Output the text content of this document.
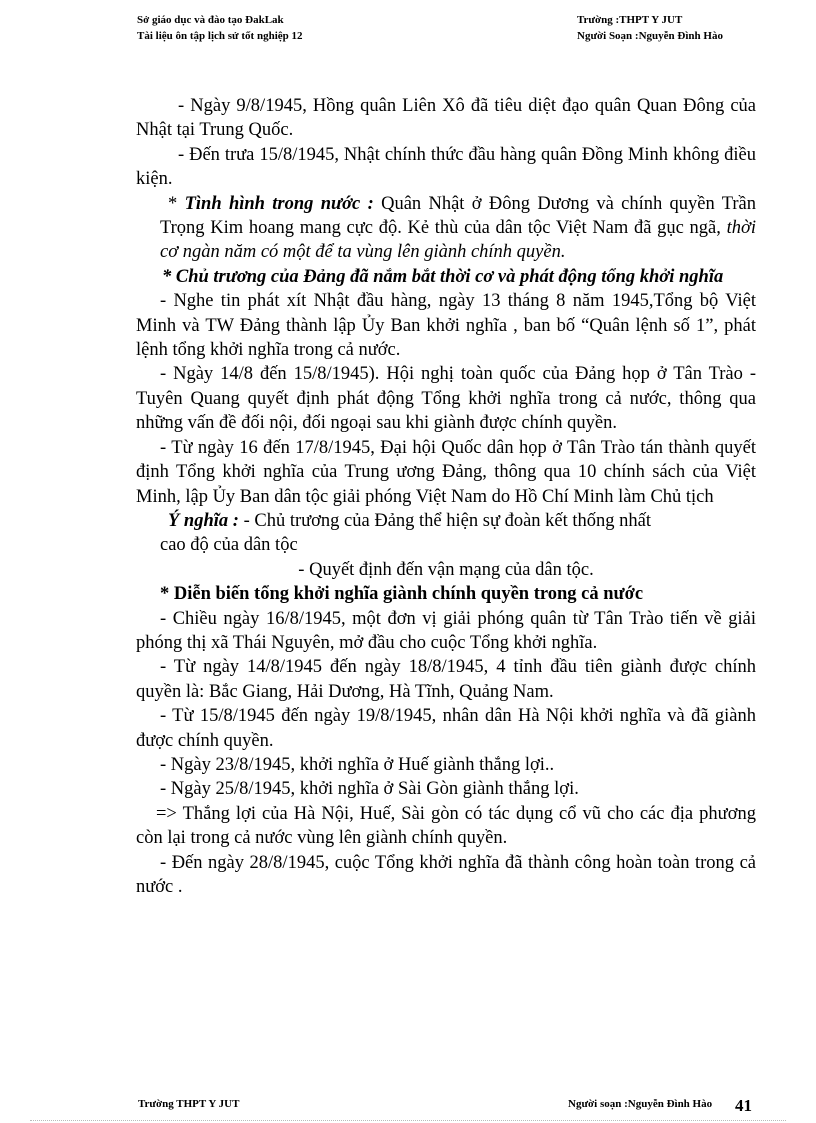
Sở giáo dục và đào tạo ĐakLak
Tài liệu ôn tập lịch sử tốt nghiệp 12
Trường :THPT Y JUT
Người Soạn :Nguyễn Đình Hào

- Ngày 9/8/1945, Hồng quân Liên Xô đã tiêu diệt đạo quân Quan Đông của Nhật tại Trung Quốc.

- Đến trưa 15/8/1945, Nhật chính thức đầu hàng quân Đồng Minh không điều kiện.

* Tình hình trong nước : Quân Nhật ở Đông Dương và chính quyền Trần Trọng Kim hoang mang cực độ. Kẻ thù của dân tộc Việt Nam đã gục ngã, thời cơ ngàn năm có một để ta vùng lên giành chính quyền.

* Chủ trương của Đảng đã nắm bắt thời cơ và phát động tổng khởi nghĩa

- Nghe tin phát xít Nhật đầu hàng, ngày 13 tháng 8 năm 1945,Tổng bộ Việt Minh và TW Đảng thành lập Ủy Ban khởi nghĩa , ban bố “Quân lệnh số 1”, phát lệnh tổng khởi nghĩa trong cả nước.

- Ngày 14/8 đến 15/8/1945). Hội nghị toàn quốc của Đảng họp ở Tân Trào - Tuyên Quang quyết định phát động Tổng khởi nghĩa trong cả nước, thông qua những vấn đề đối nội, đối ngoại sau khi giành được chính quyền.

- Từ ngày 16 đến 17/8/1945, Đại hội Quốc dân họp ở Tân Trào tán thành quyết định Tổng khởi nghĩa của Trung ương Đảng, thông qua 10 chính sách của Việt Minh, lập Ủy Ban dân tộc giải phóng Việt Nam do Hồ Chí Minh làm Chủ tịch

Ý nghĩa : - Chủ trương của Đảng thể hiện sự đoàn kết thống nhất

cao độ của dân tộc

- Quyết định đến vận mạng của dân tộc.

* Diễn biến tổng khởi nghĩa giành chính quyền trong cả nước

- Chiều ngày 16/8/1945, một đơn vị giải phóng quân từ Tân Trào tiến về giải phóng thị xã Thái Nguyên, mở đầu cho cuộc Tổng khởi nghĩa.

- Từ ngày 14/8/1945 đến ngày 18/8/1945, 4 tỉnh đầu tiên giành được chính quyền là: Bắc Giang, Hải Dương, Hà Tĩnh, Quảng Nam.

- Từ 15/8/1945 đến ngày 19/8/1945, nhân dân Hà Nội khởi nghĩa và đã giành được chính quyền.

- Ngày 23/8/1945, khởi nghĩa ở Huế giành thắng lợi..

- Ngày 25/8/1945, khởi nghĩa ở Sài Gòn giành thắng lợi.

=> Thắng lợi của Hà Nội, Huế, Sài gòn có tác dụng cổ vũ cho các địa phương còn lại trong cả nước vùng lên giành chính quyền.

- Đến ngày 28/8/1945, cuộc Tổng khởi nghĩa đã thành công hoàn toàn trong cả nước .

Trường THPT Y JUT	Người soạn :Nguyễn Đình Hào 41
